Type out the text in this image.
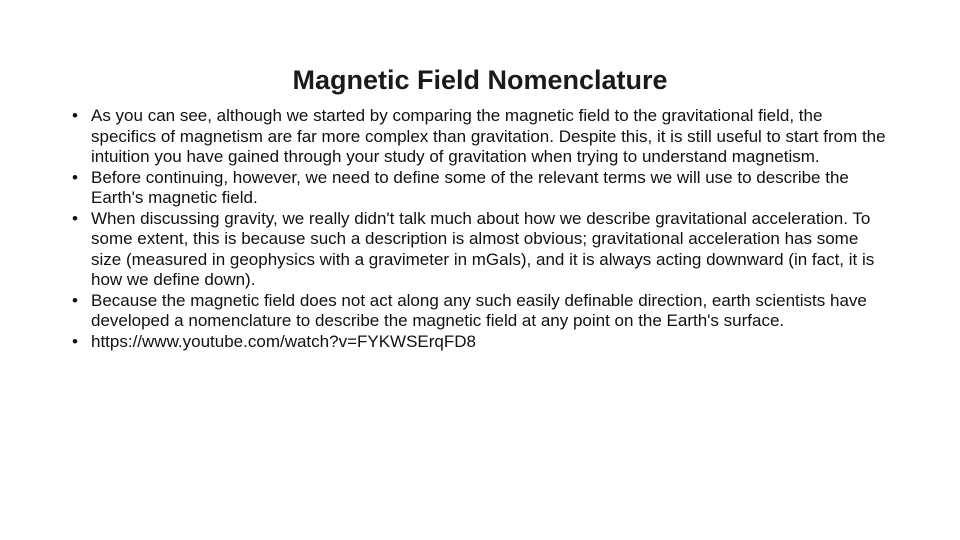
Magnetic Field Nomenclature
• As you can see, although we started by comparing the magnetic field to the gravitational field, the specifics of magnetism are far more complex than gravitation. Despite this, it is still useful to start from the intuition you have gained through your study of gravitation when trying to understand magnetism.
• Before continuing, however, we need to define some of the relevant terms we will use to describe the Earth's magnetic field.
• When discussing gravity, we really didn't talk much about how we describe gravitational acceleration. To some extent, this is because such a description is almost obvious; gravitational acceleration has some size (measured in geophysics with a gravimeter in mGals), and it is always acting downward (in fact, it is how we define down).
• Because the magnetic field does not act along any such easily definable direction, earth scientists have developed a nomenclature to describe the magnetic field at any point on the Earth's surface.
• https://www.youtube.com/watch?v=FYKWSErqFD8
